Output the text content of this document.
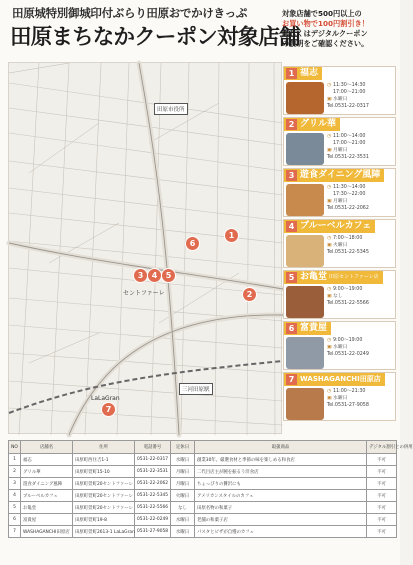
田原城特別御城印付ぶらり田原おでかけきっぷ
田原まちなかクーポン対象店舗
対象店舗で500円以上の
お買い物で100円割引き！
詳しくはデジタルクーポン
の説明をご確認ください。
田原市役所
セントファーレ
三河田原駅
LaLaGran
1
2
3	4	5
6
7
1 福志
◷ 11:30〜14:30
17:00〜21:00
▣水曜日
Tel.0531-22-0317
2 グリル華
◷ 11:00〜14:00
17:00〜21:00
▣月曜日
Tel.0531-22-3531
3 遊食ダイニング風陣
◷ 11:30〜14:00
17:30〜22:00
▣月曜日
Tel.0531-22-2062
4 ブルーベルカフェ
◷ 7:00〜18:00
▣火曜日
Tel.0531-22-5345
5 お亀堂 田原セントファーレ店
◷ 9:00〜19:00
▣なし
Tel.0531-22-5566
6 富貴屋
◷ 9:00〜19:00
▣水曜日
Tel.0531-22-0249
7 WASHAGANCHI田原店
◷ 11:00〜21:30
▣水曜日
Tel.0531-27-9058
NO	店舗名	住所	電話番号	定休日	取扱商品	デジタル割引との併用
1	福志	田原町西住吉1-1	0531-22-0317	水曜日	創業30年。厳選食材と季節の味を楽しめる和食店	不可
2	グリル華	田原町萱町15-10	0531-22-3531	月曜日	二代目店主が腕を振るう洋食店	不可
3	遊食ダイニング風陣	田原町萱町20セントファーレ	0531-22-2062	月曜日	ちょっぴりの贅沢にも	不可
4	ブルーベルカフェ	田原町萱町20セントファーレ	0531-22-5345	火曜日	アメリカンスタイルのカフェ	不可
5	お亀堂	田原町萱町20セントファーレ	0531-22-5566	なし	田原名物の和菓子	不可
6	富貴屋	田原町萱町19-8	0531-22-0249	水曜日	老舗の和菓子店	不可
7	WASHAGANCHI田原店	田原町萱町2613-1 LaLaGran	0531-27-9058	水曜日	パスタとピザが自慢のカフェ	不可
